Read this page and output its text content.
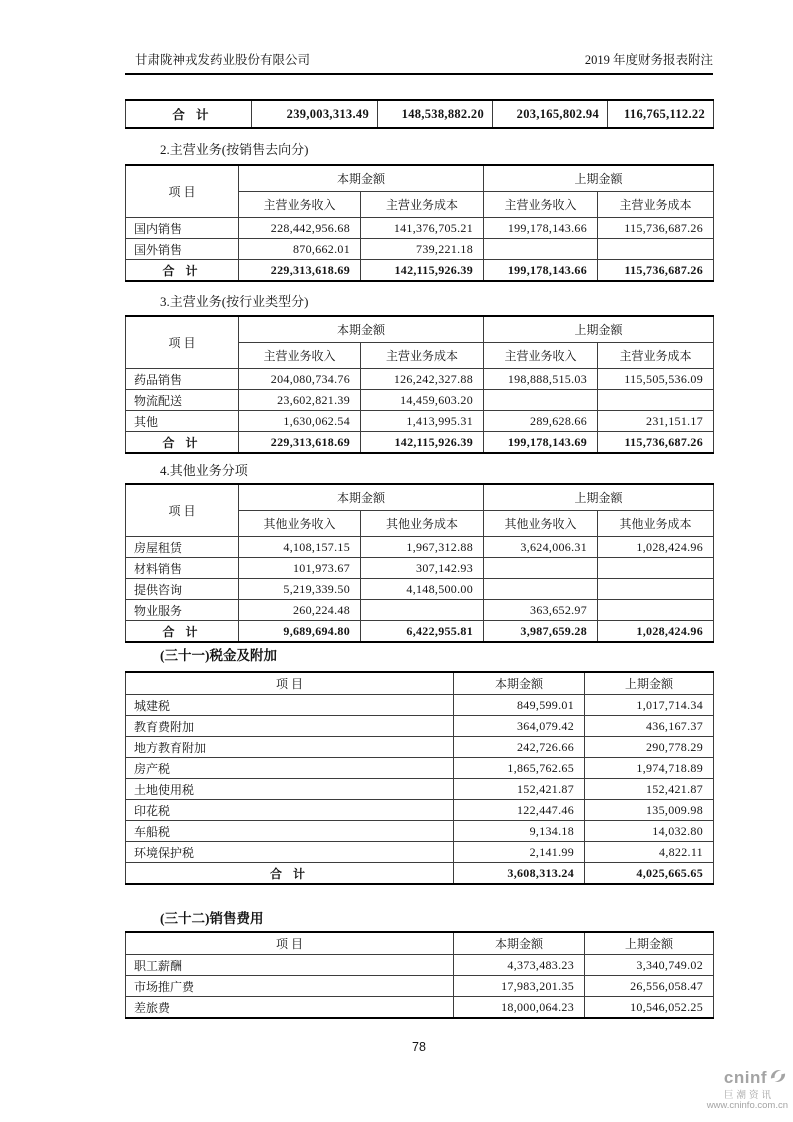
甘肃陇神戎发药业股份有限公司	2019 年度财务报表附注
合 计	239,003,313.49	148,538,882.20	203,165,802.94	116,765,112.22
2.主营业务(按销售去向分)
项 目	本期金额		上期金额	
	主营业务收入	主营业务成本	主营业务收入	主营业务成本
国内销售	228,442,956.68	141,376,705.21	199,178,143.66	115,736,687.26
国外销售	870,662.01	739,221.18		
合 计	229,313,618.69	142,115,926.39	199,178,143.66	115,736,687.26
3.主营业务(按行业类型分)
项 目	本期金额		上期金额	
	主营业务收入	主营业务成本	主营业务收入	主营业务成本
药品销售	204,080,734.76	126,242,327.88	198,888,515.03	115,505,536.09
物流配送	23,602,821.39	14,459,603.20		
其他	1,630,062.54	1,413,995.31	289,628.66	231,151.17
合 计	229,313,618.69	142,115,926.39	199,178,143.69	115,736,687.26
4.其他业务分项
项 目	本期金额		上期金额	
	其他业务收入	其他业务成本	其他业务收入	其他业务成本
房屋租赁	4,108,157.15	1,967,312.88	3,624,006.31	1,028,424.96
材料销售	101,973.67	307,142.93		
提供咨询	5,219,339.50	4,148,500.00		
物业服务	260,224.48		363,652.97	
合 计	9,689,694.80	6,422,955.81	3,987,659.28	1,028,424.96
(三十一)税金及附加
项 目	本期金额	上期金额
城建税	849,599.01	1,017,714.34
教育费附加	364,079.42	436,167.37
地方教育附加	242,726.66	290,778.29
房产税	1,865,762.65	1,974,718.89
土地使用税	152,421.87	152,421.87
印花税	122,447.46	135,009.98
车船税	9,134.18	14,032.80
环境保护税	2,141.99	4,822.11
合 计	3,608,313.24	4,025,665.65
(三十二)销售费用
项 目	本期金额	上期金额
职工薪酬	4,373,483.23	3,340,749.02
市场推广费	17,983,201.35	26,556,058.47
差旅费	18,000,064.23	10,546,052.25
78
cninf
巨潮资讯
www.cninfo.com.cn
